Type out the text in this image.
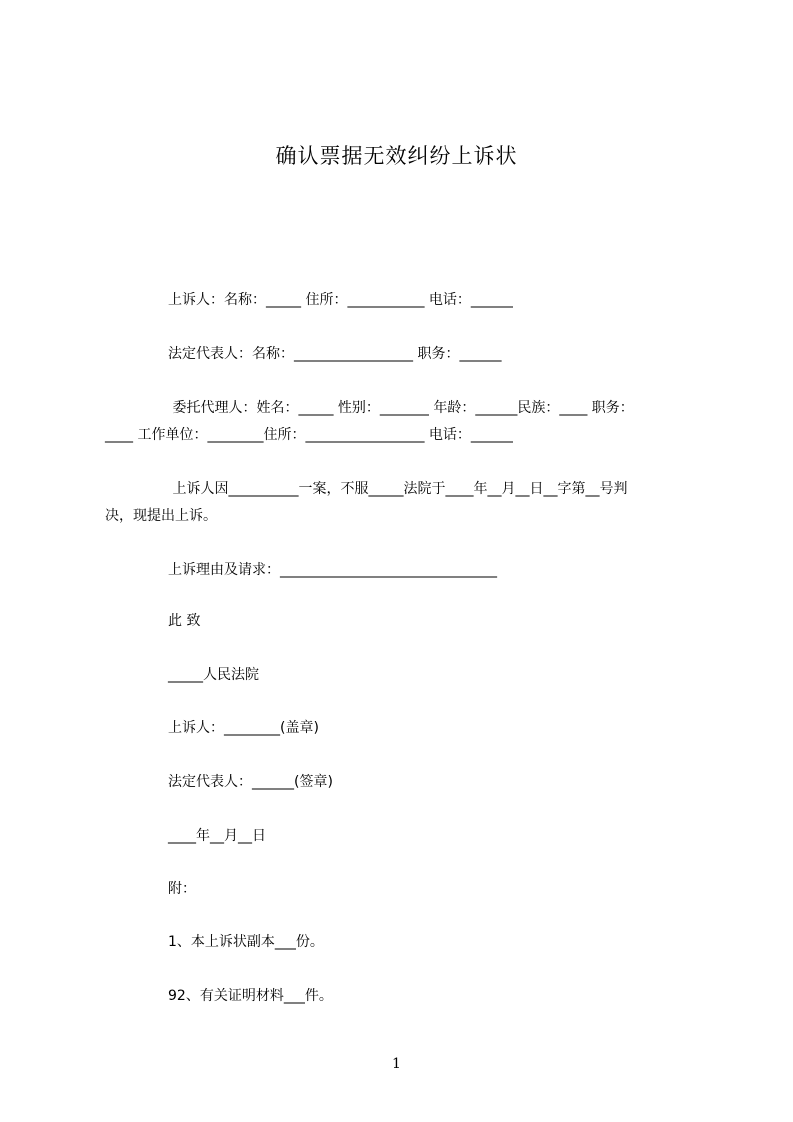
确认票据无效纠纷上诉状
上诉人：名称：_____ 住所：___________ 电话：______
法定代表人：名称：_________________ 职务：______
委托代理人：姓名：_____ 性别：_______ 年龄：______民族：____ 职务：
____ 工作单位：________住所：_________________ 电话：______
上诉人因__________一案，不服_____法院于____年__月__日__字第__号判
决，现提出上诉。
上诉理由及请求：_______________________________
此 致
_____人民法院
上诉人：________(盖章)
法定代表人：______(签章)
____年__月__日
附：
1、本上诉状副本___份。
92、有关证明材料___件。
1
